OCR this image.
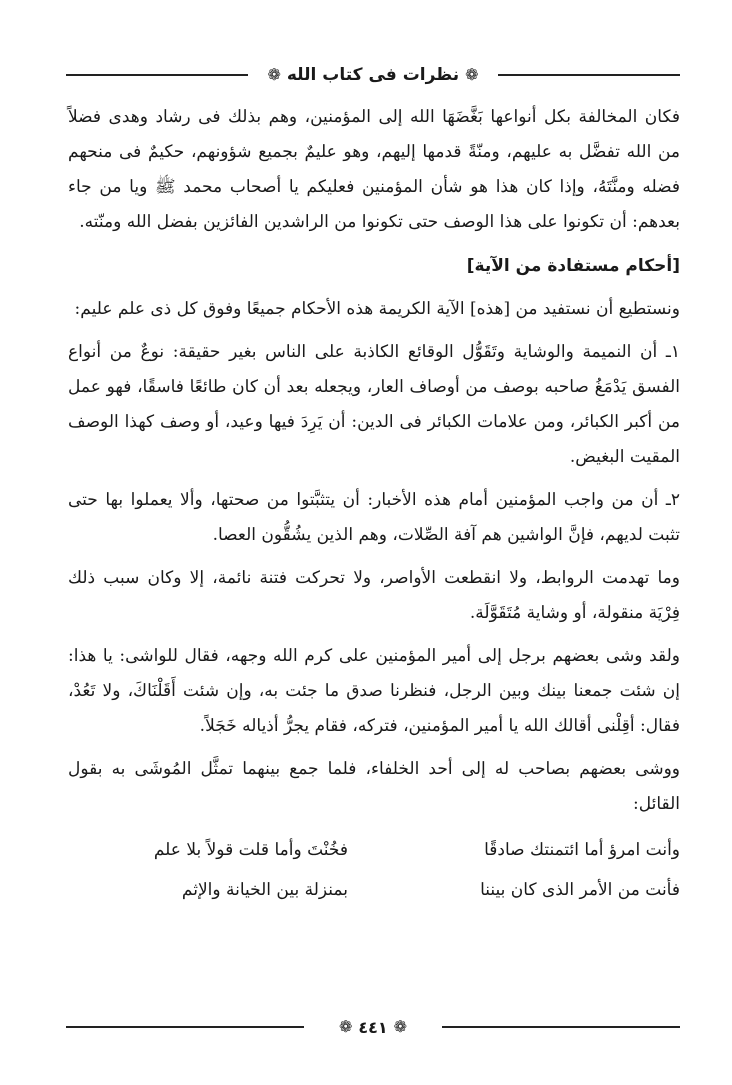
❁
نظرات فى كتاب الله
❁

فكان المخالفة بكل أنواعها بَغَّضَهَا الله إلى المؤمنين، وهم بذلك فى رشاد وهدى فضلاً من الله تفضَّل به عليهم، ومنّةً قدمها إليهم، وهو عليمٌ بجميع شؤونهم، حكيمٌ فى منحهم فضله ومنَّتَهُ، وإذا كان هذا هو شأن المؤمنين فعليكم يا أصحاب محمد ﷺ ويا من جاء بعدهم: أن تكونوا على هذا الوصف حتى تكونوا من الراشدين الفائزين بفضل الله ومنّته.

[أحكام مستفادة من الآية]

ونستطيع أن نستفيد من [هذه] الآية الكريمة هذه الأحكام جميعًا وفوق كل ذى علم عليم:

١ـ أن النميمة والوشاية وتَقَوُّل الوقائع الكاذبة على الناس بغير حقيقة: نوعٌ من أنواع الفسق يَدْمَغُ صاحبه بوصف من أوصاف العار، ويجعله بعد أن كان طائعًا فاسقًا، فهو عمل من أكبر الكبائر، ومن علامات الكبائر فى الدين: أن يَرِدَ فيها وعيد، أو وصف كهذا الوصف المقيت البغيض.

٢ـ أن من واجب المؤمنين أمام هذه الأخبار: أن يتثبَّتوا من صحتها، وألا يعملوا بها حتى تثبت لديهم، فإنَّ الواشين هم آفة الصِّلات، وهم الذين يشُقُّون العصا.

وما تهدمت الروابط، ولا انقطعت الأواصر، ولا تحركت فتنة نائمة، إلا وكان سبب ذلك فِرْيَة منقولة، أو وشاية مُتَقَوَّلَة.

ولقد وشى بعضهم برجل إلى أمير المؤمنين على كرم الله وجهه، فقال للواشى: يا هذا: إن شئت جمعنا بينك وبين الرجل، فنظرنا صدق ما جئت به، وإن شئت أَقَلْنَاكَ، ولا تَعُدْ، فقال: أقِلْنى أقالك الله يا أمير المؤمنين، فتركه، فقام يجرُّ أذياله خَجَلاً.

ووشى بعضهم بصاحب له إلى أحد الخلفاء، فلما جمع بينهما تمثَّل المُوشَى به بقول القائل:

وأنت امرؤ أما ائتمنتك صادقًا
فخُنْتَ وأما قلت قولاً بلا علم
فأنت من الأمر الذى كان بيننا
بمنزلة بين الخيانة والإثم
❁
٤٤١
❁
